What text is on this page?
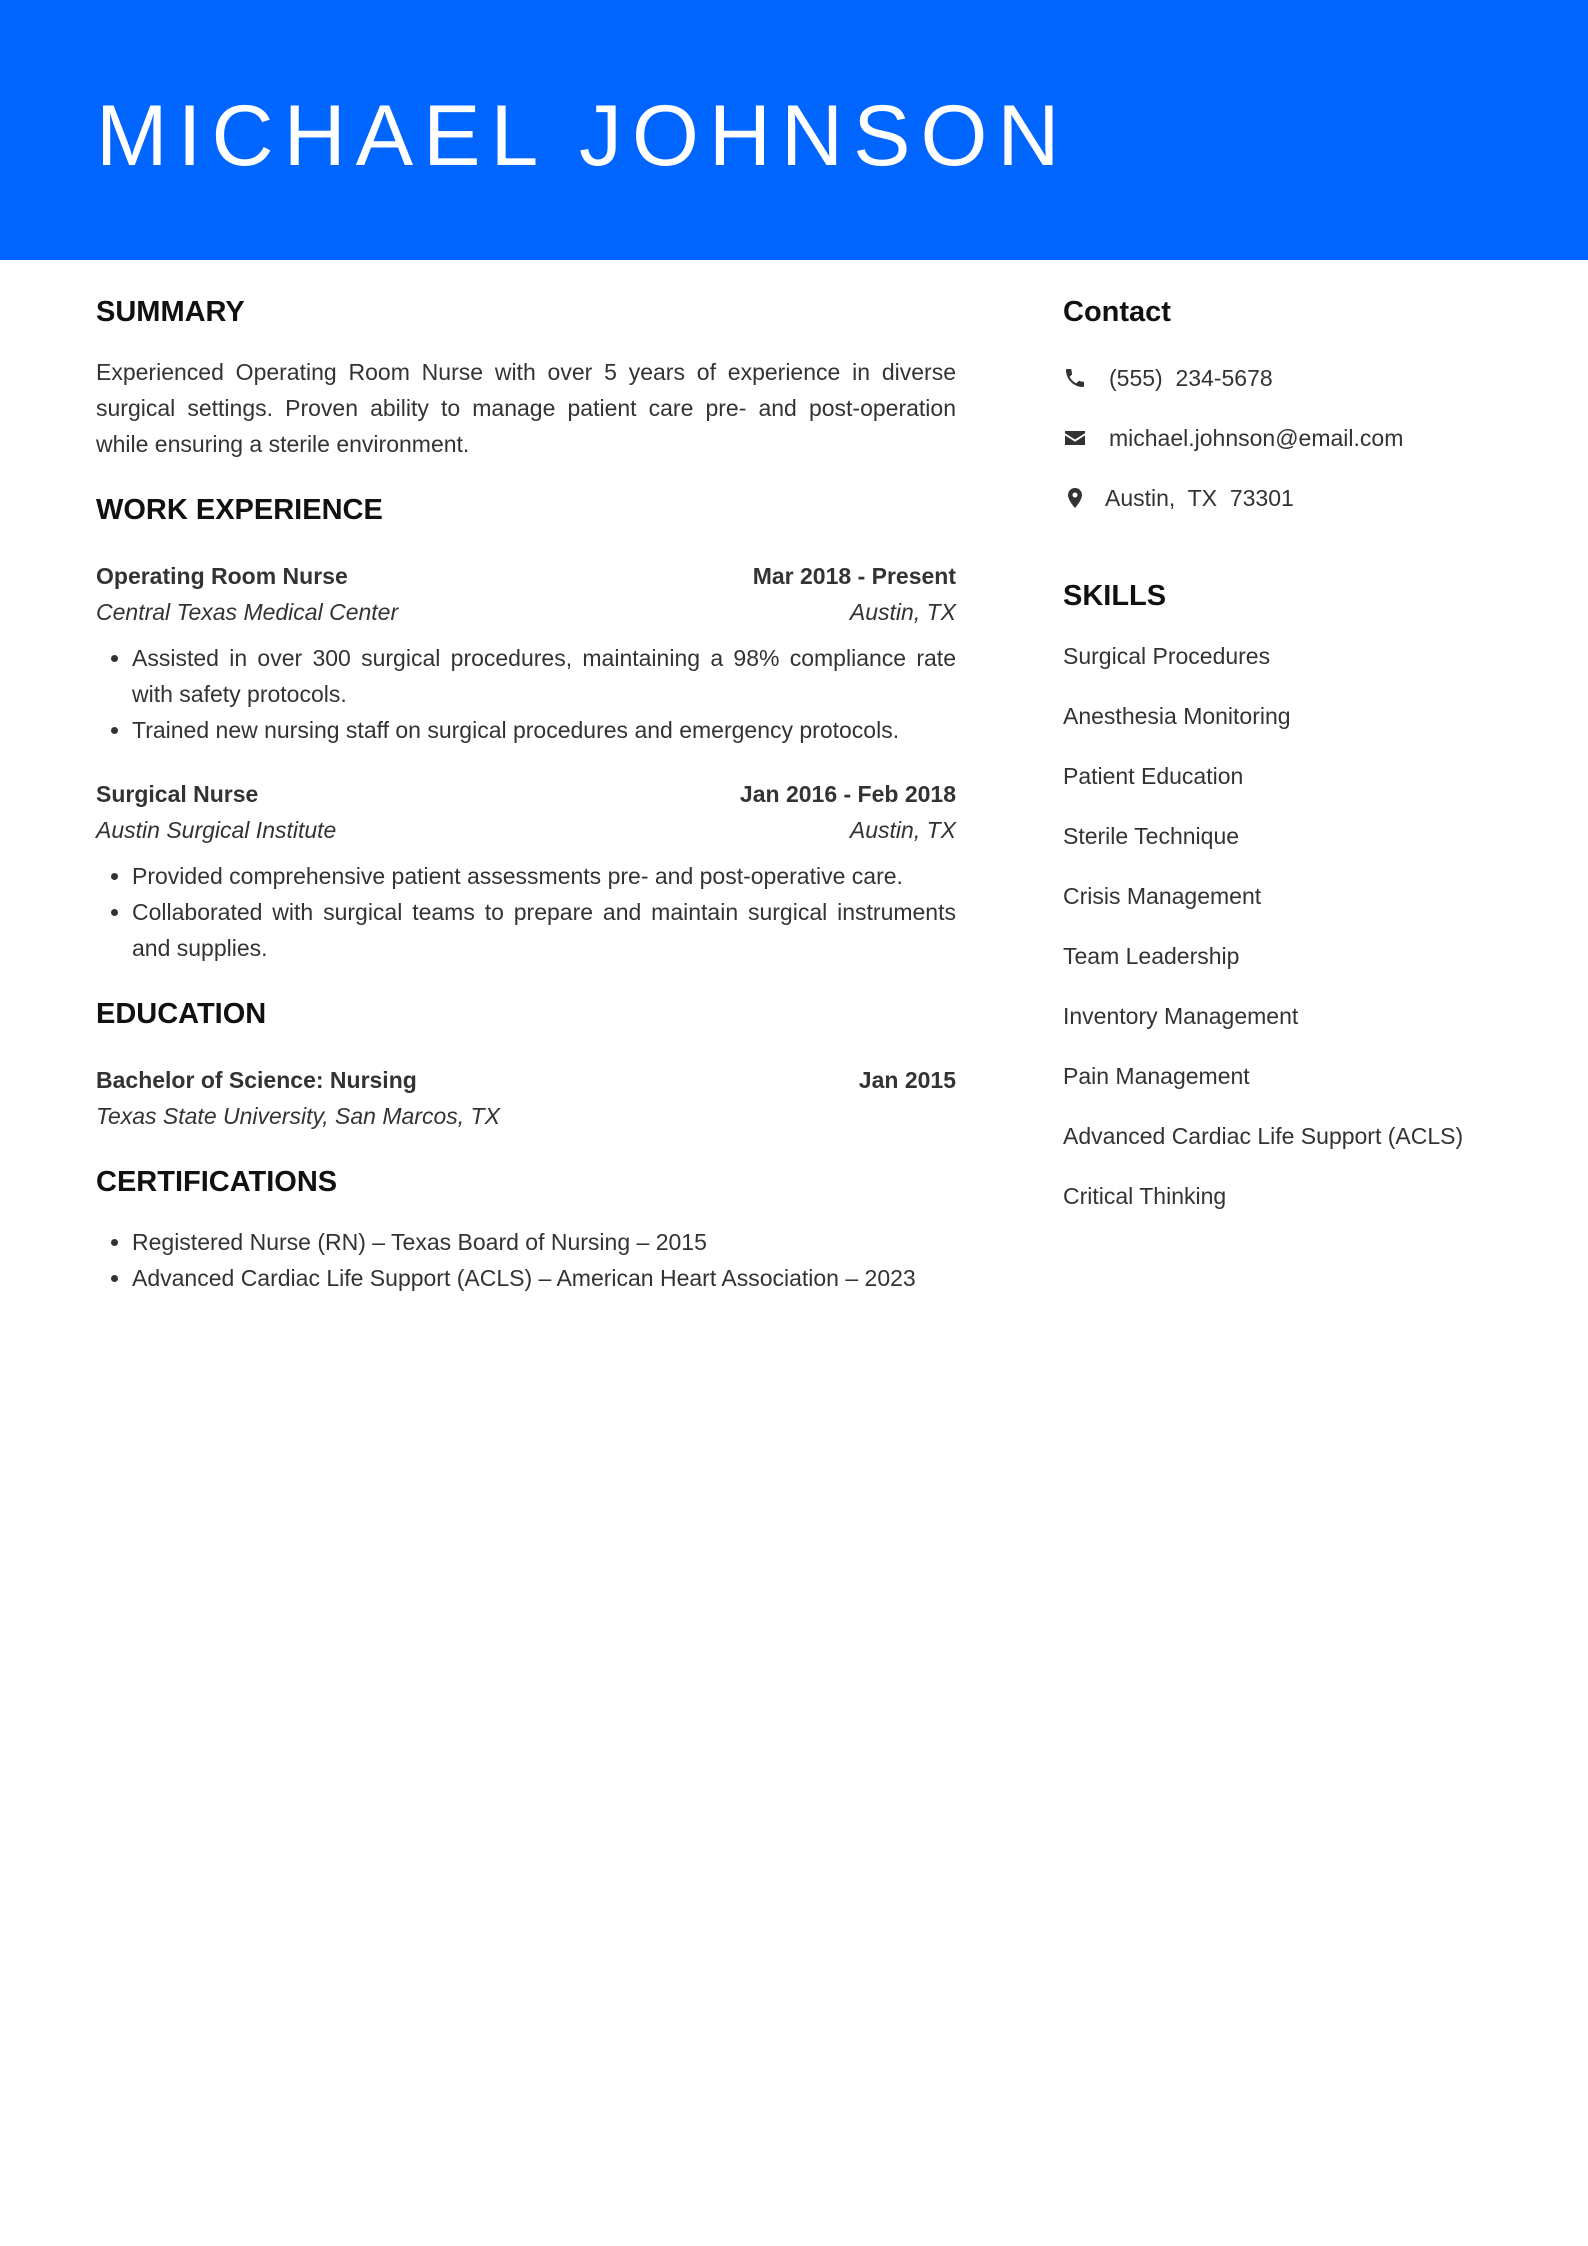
MICHAEL JOHNSON
SUMMARY

Experienced Operating Room Nurse with over 5 years of experience in diverse surgical settings. Proven ability to manage patient care pre- and post-operation while ensuring a sterile environment.

WORK EXPERIENCE
Operating Room Nurse	Mar 2018 - Present
Central Texas Medical Center	Austin, TX
• Assisted in over 300 surgical procedures, maintaining a 98% compliance rate with safety protocols.
• Trained new nursing staff on surgical procedures and emergency protocols.
Surgical Nurse	Jan 2016 - Feb 2018
Austin Surgical Institute	Austin, TX
• Provided comprehensive patient assessments pre- and post-operative care.
• Collaborated with surgical teams to prepare and maintain surgical instruments and supplies.
EDUCATION
Bachelor of Science: Nursing	Jan 2015
Texas State University, San Marcos, TX
CERTIFICATIONS
• Registered Nurse (RN) – Texas Board of Nursing – 2015
• Advanced Cardiac Life Support (ACLS) – American Heart Association – 2023
Contact
(555)  234-5678
michael.johnson@email.com
Austin,  TX  73301
SKILLS
Surgical Procedures
Anesthesia Monitoring
Patient Education
Sterile Technique
Crisis Management
Team Leadership
Inventory Management
Pain Management
Advanced Cardiac Life Support (ACLS)
Critical Thinking
